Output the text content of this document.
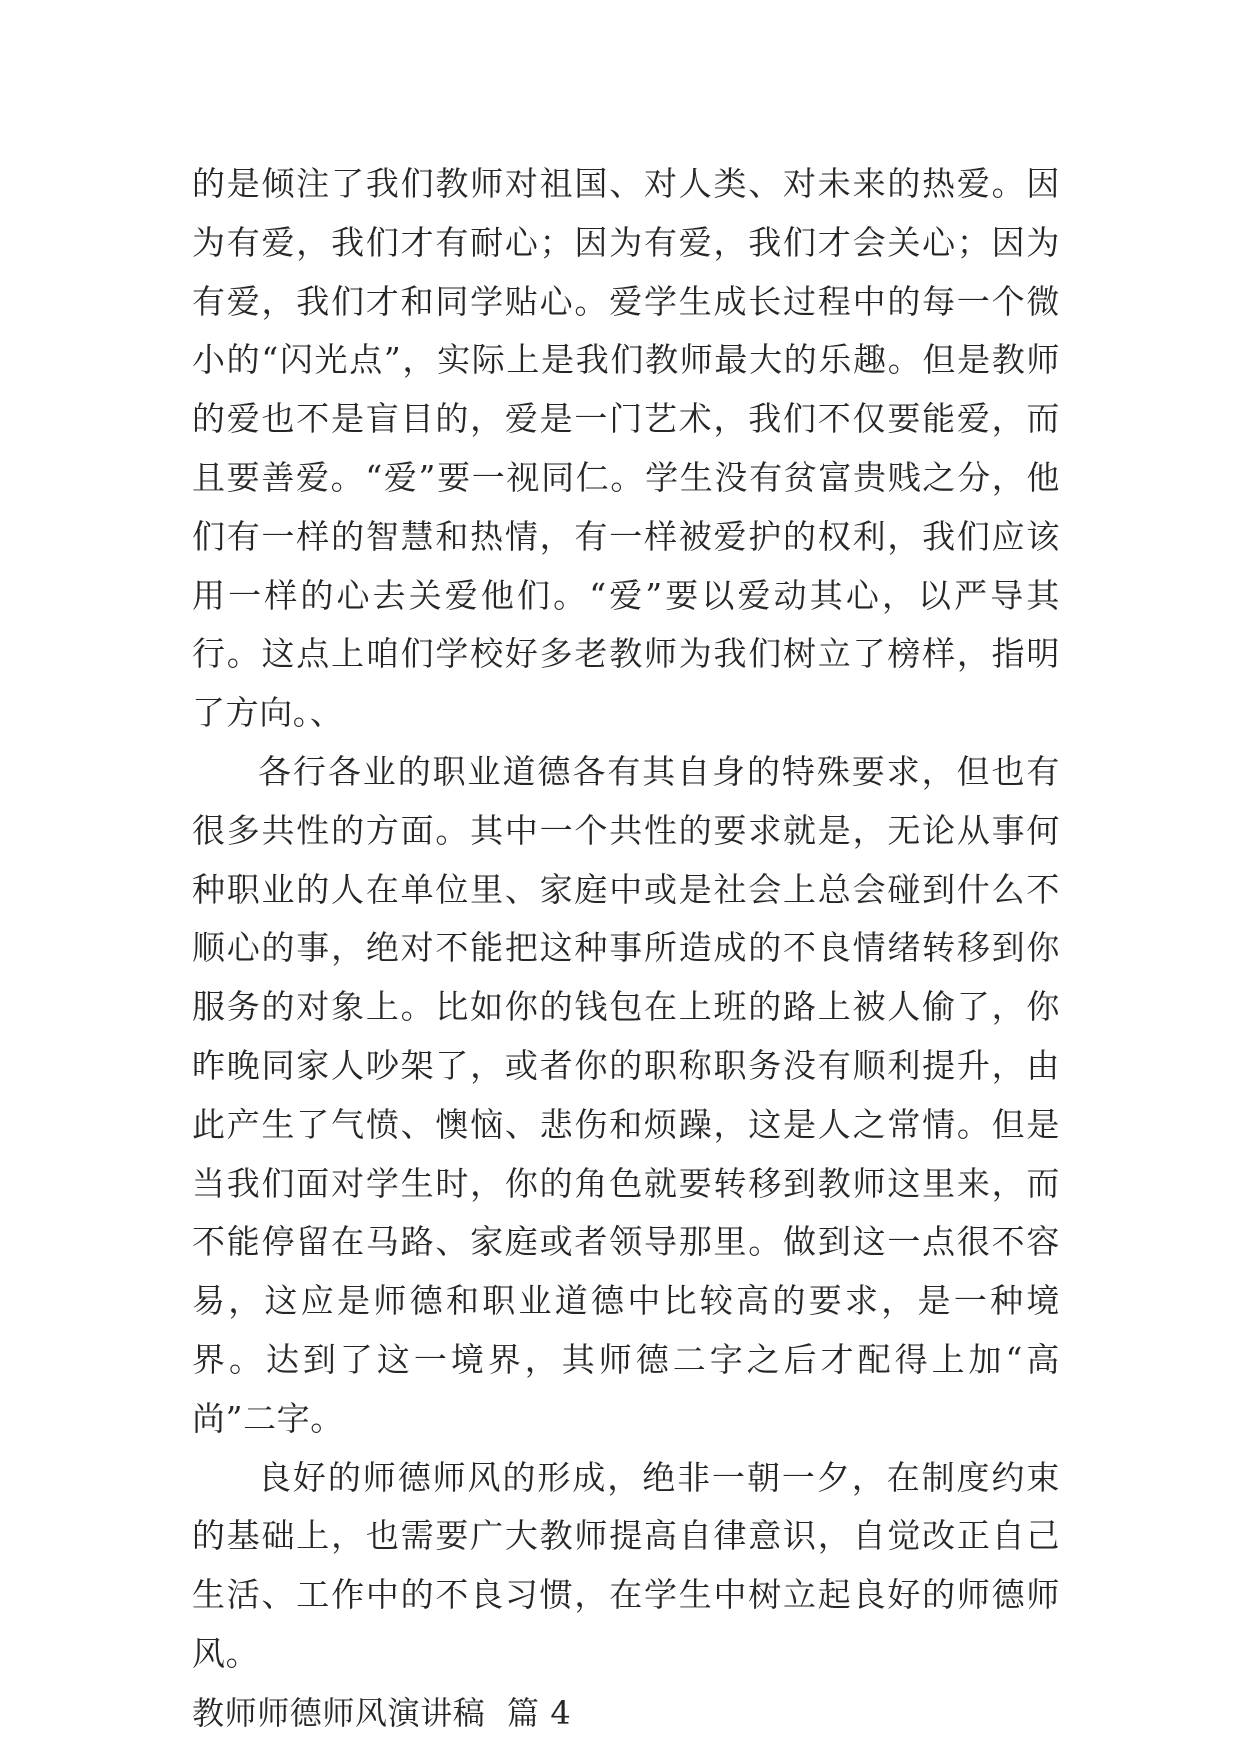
的是倾注了我们教师对祖国、对人类、对未来的热爱。因为有爱，我们才有耐心；因为有爱，我们才会关心；因为有爱，我们才和同学贴心。爱学生成长过程中的每一个微小的“闪光点”，实际上是我们教师最大的乐趣。但是教师的爱也不是盲目的，爱是一门艺术，我们不仅要能爱，而且要善爱。“爱”要一视同仁。学生没有贫富贵贱之分，他们有一样的智慧和热情，有一样被爱护的权利，我们应该用一样的心去关爱他们。“爱”要以爱动其心，以严导其行。这点上咱们学校好多老教师为我们树立了榜样，指明了方向。、

各行各业的职业道德各有其自身的特殊要求，但也有很多共性的方面。其中一个共性的要求就是，无论从事何种职业的人在单位里、家庭中或是社会上总会碰到什么不顺心的事，绝对不能把这种事所造成的不良情绪转移到你服务的对象上。比如你的钱包在上班的路上被人偷了，你昨晚同家人吵架了，或者你的职称职务没有顺利提升，由此产生了气愤、懊恼、悲伤和烦躁，这是人之常情。但是当我们面对学生时，你的角色就要转移到教师这里来，而不能停留在马路、家庭或者领导那里。做到这一点很不容易，这应是师德和职业道德中比较高的要求，是一种境界。达到了这一境界，其师德二字之后才配得上加“高尚”二字。

良好的师德师风的形成，绝非一朝一夕，在制度约束的基础上，也需要广大教师提高自律意识，自觉改正自己生活、工作中的不良习惯，在学生中树立起良好的师德师风。

教师师德师风演讲稿  篇 4
